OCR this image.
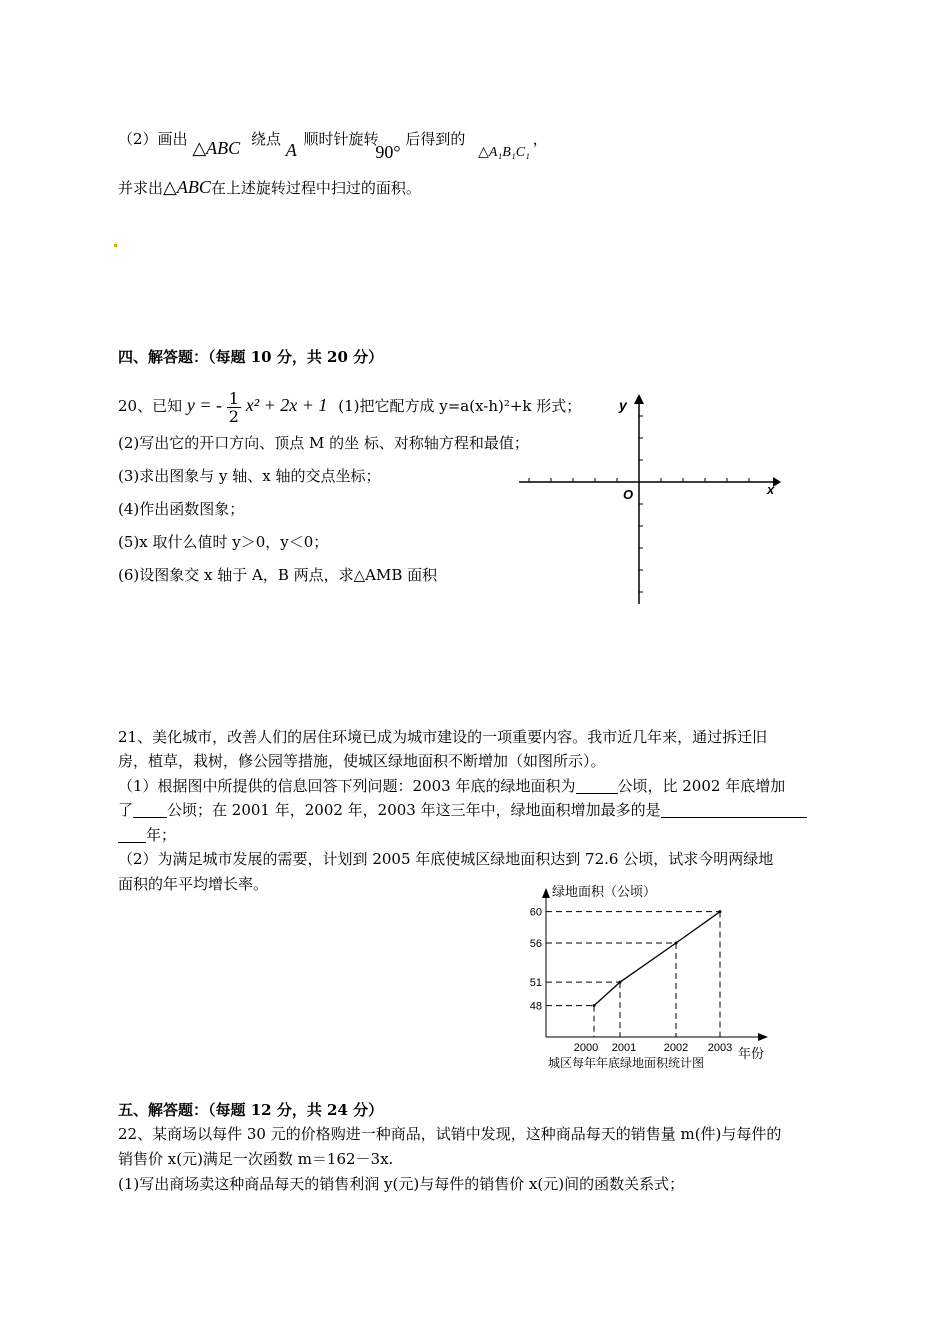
（2）画出 △ABC 绕点 A 顺时针旋转 90° 后得到的 △A₁B₁C₁ ，
并求出△ABC在上述旋转过程中扫过的面积。
四、解答题：（每题 10 分，共 20 分）
20、已知 y = - $\frac{1}{2} x^2 + 2x + 1$ (1)把它配方成 y=a(x-h)²+k 形式；
(2)写出它的开口方向、顶点 M 的坐 标、对称轴方程和最值；
(3)求出图象与 y 轴、x 轴的交点坐标；
(4)作出函数图象；
(5)x 取什么值时 y＞0，y＜0；
(6)设图象交 x 轴于 A，B 两点，求△AMB 面积
y
x
O
21、美化城市，改善人们的居住环境已成为城市建设的一项重要内容。我市近几年来，通过拆迁旧
房，植草，栽树，修公园等措施，使城区绿地面积不断增加（如图所示）。
（1）根据图中所提供的信息回答下列问题：2003 年底的绿地面积为	公顷，比 2002 年底增加
了 公顷；在 2001 年，2002 年，2003 年这三年中，绿地面积增加最多的是
年；
（2）为满足城市发展的需要，计划到 2005 年底使城区绿地面积达到 72.6 公顷，试求今明两绿地
面积的年平均增长率。	绿地面积（公顷）
年份
城区每年年底绿地面积统计图
48
2000
51
2001
56
2002
60
2003
五、解答题：（每题 12 分，共 24 分）
22、某商场以每件 30 元的价格购进一种商品，试销中发现，这种商品每天的销售量 m(件)与每件的
销售价 x(元)满足一次函数 m＝162－3x.
(1)写出商场卖这种商品每天的销售利润 y(元)与每件的销售价 x(元)间的函数关系式；
